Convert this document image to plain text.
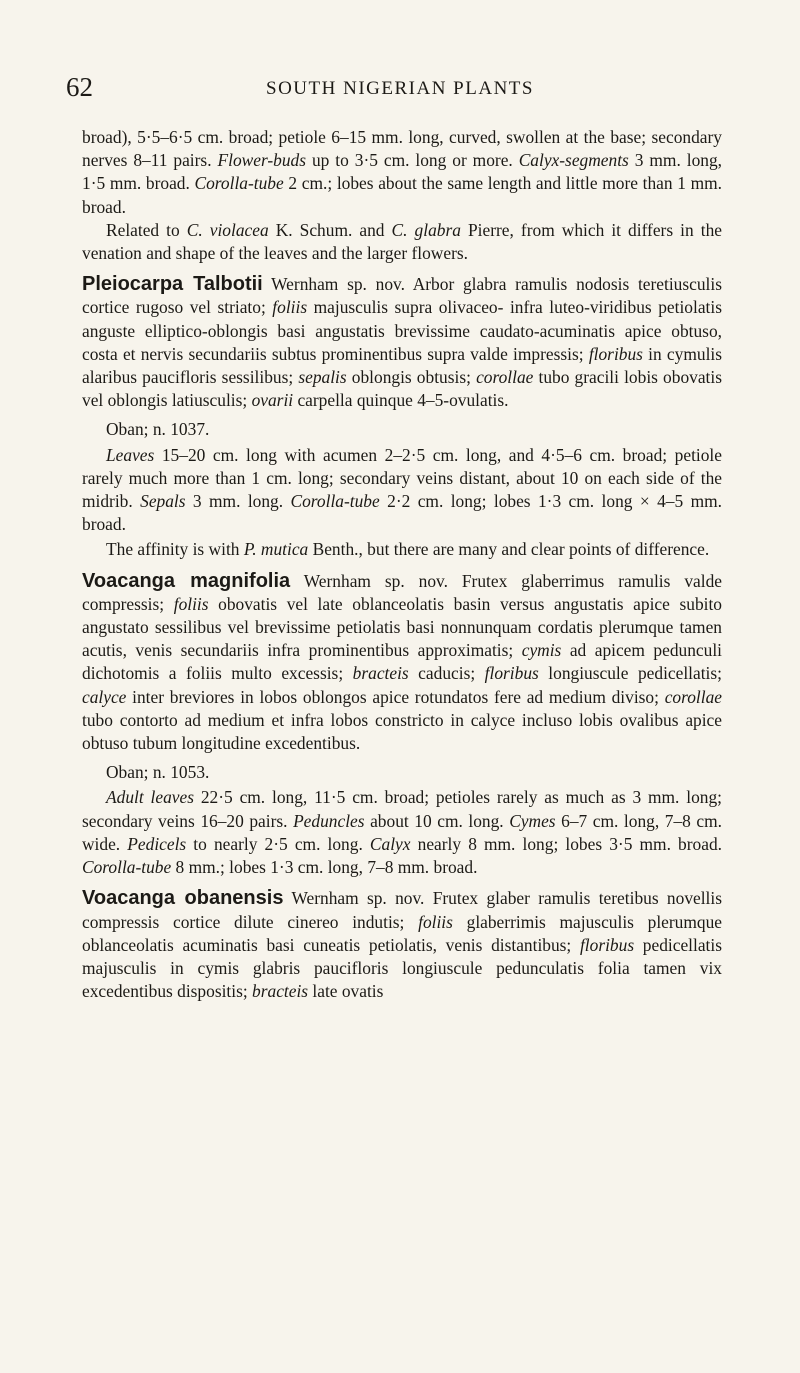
62	SOUTH NIGERIAN PLANTS

broad), 5·5–6·5 cm. broad; petiole 6–15 mm. long, curved, swollen at the base; secondary nerves 8–11 pairs. Flower-buds up to 3·5 cm. long or more. Calyx-segments 3 mm. long, 1·5 mm. broad. Corolla-tube 2 cm.; lobes about the same length and little more than 1 mm. broad.

Related to C. violacea K. Schum. and C. glabra Pierre, from which it differs in the venation and shape of the leaves and the larger flowers.

Pleiocarpa Talbotii Wernham sp. nov. Arbor glabra ramulis nodosis teretiusculis cortice rugoso vel striato; foliis majusculis supra olivaceo- infra luteo-viridibus petiolatis anguste elliptico-oblongis basi angustatis brevissime caudato-acuminatis apice obtuso, costa et nervis secundariis subtus prominentibus supra valde impressis; floribus in cymulis alaribus paucifloris sessilibus; sepalis oblongis obtusis; corollae tubo gracili lobis obovatis vel oblongis latiusculis; ovarii carpella quinque 4–5-ovulatis.

Oban; n. 1037.

Leaves 15–20 cm. long with acumen 2–2·5 cm. long, and 4·5–6 cm. broad; petiole rarely much more than 1 cm. long; secondary veins distant, about 10 on each side of the midrib. Sepals 3 mm. long. Corolla-tube 2·2 cm. long; lobes 1·3 cm. long × 4–5 mm. broad.

The affinity is with P. mutica Benth., but there are many and clear points of difference.

Voacanga magnifolia Wernham sp. nov. Frutex glaberrimus ramulis valde compressis; foliis obovatis vel late oblanceolatis basin versus angustatis apice subito angustato sessilibus vel brevissime petiolatis basi nonnunquam cordatis plerumque tamen acutis, venis secundariis infra prominentibus approximatis; cymis ad apicem pedunculi dichotomis a foliis multo excessis; bracteis caducis; floribus longiuscule pedicellatis; calyce inter breviores in lobos oblongos apice rotundatos fere ad medium diviso; corollae tubo contorto ad medium et infra lobos constricto in calyce incluso lobis ovalibus apice obtuso tubum longitudine excedentibus.

Oban; n. 1053.

Adult leaves 22·5 cm. long, 11·5 cm. broad; petioles rarely as much as 3 mm. long; secondary veins 16–20 pairs. Peduncles about 10 cm. long. Cymes 6–7 cm. long, 7–8 cm. wide. Pedicels to nearly 2·5 cm. long. Calyx nearly 8 mm. long; lobes 3·5 mm. broad. Corolla-tube 8 mm.; lobes 1·3 cm. long, 7–8 mm. broad.

Voacanga obanensis Wernham sp. nov. Frutex glaber ramulis teretibus novellis compressis cortice dilute cinereo indutis; foliis glaberrimis majusculis plerumque oblanceolatis acuminatis basi cuneatis petiolatis, venis distantibus; floribus pedicellatis majusculis in cymis glabris paucifloris longiuscule pedunculatis folia tamen vix excedentibus dispositis; bracteis late ovatis
